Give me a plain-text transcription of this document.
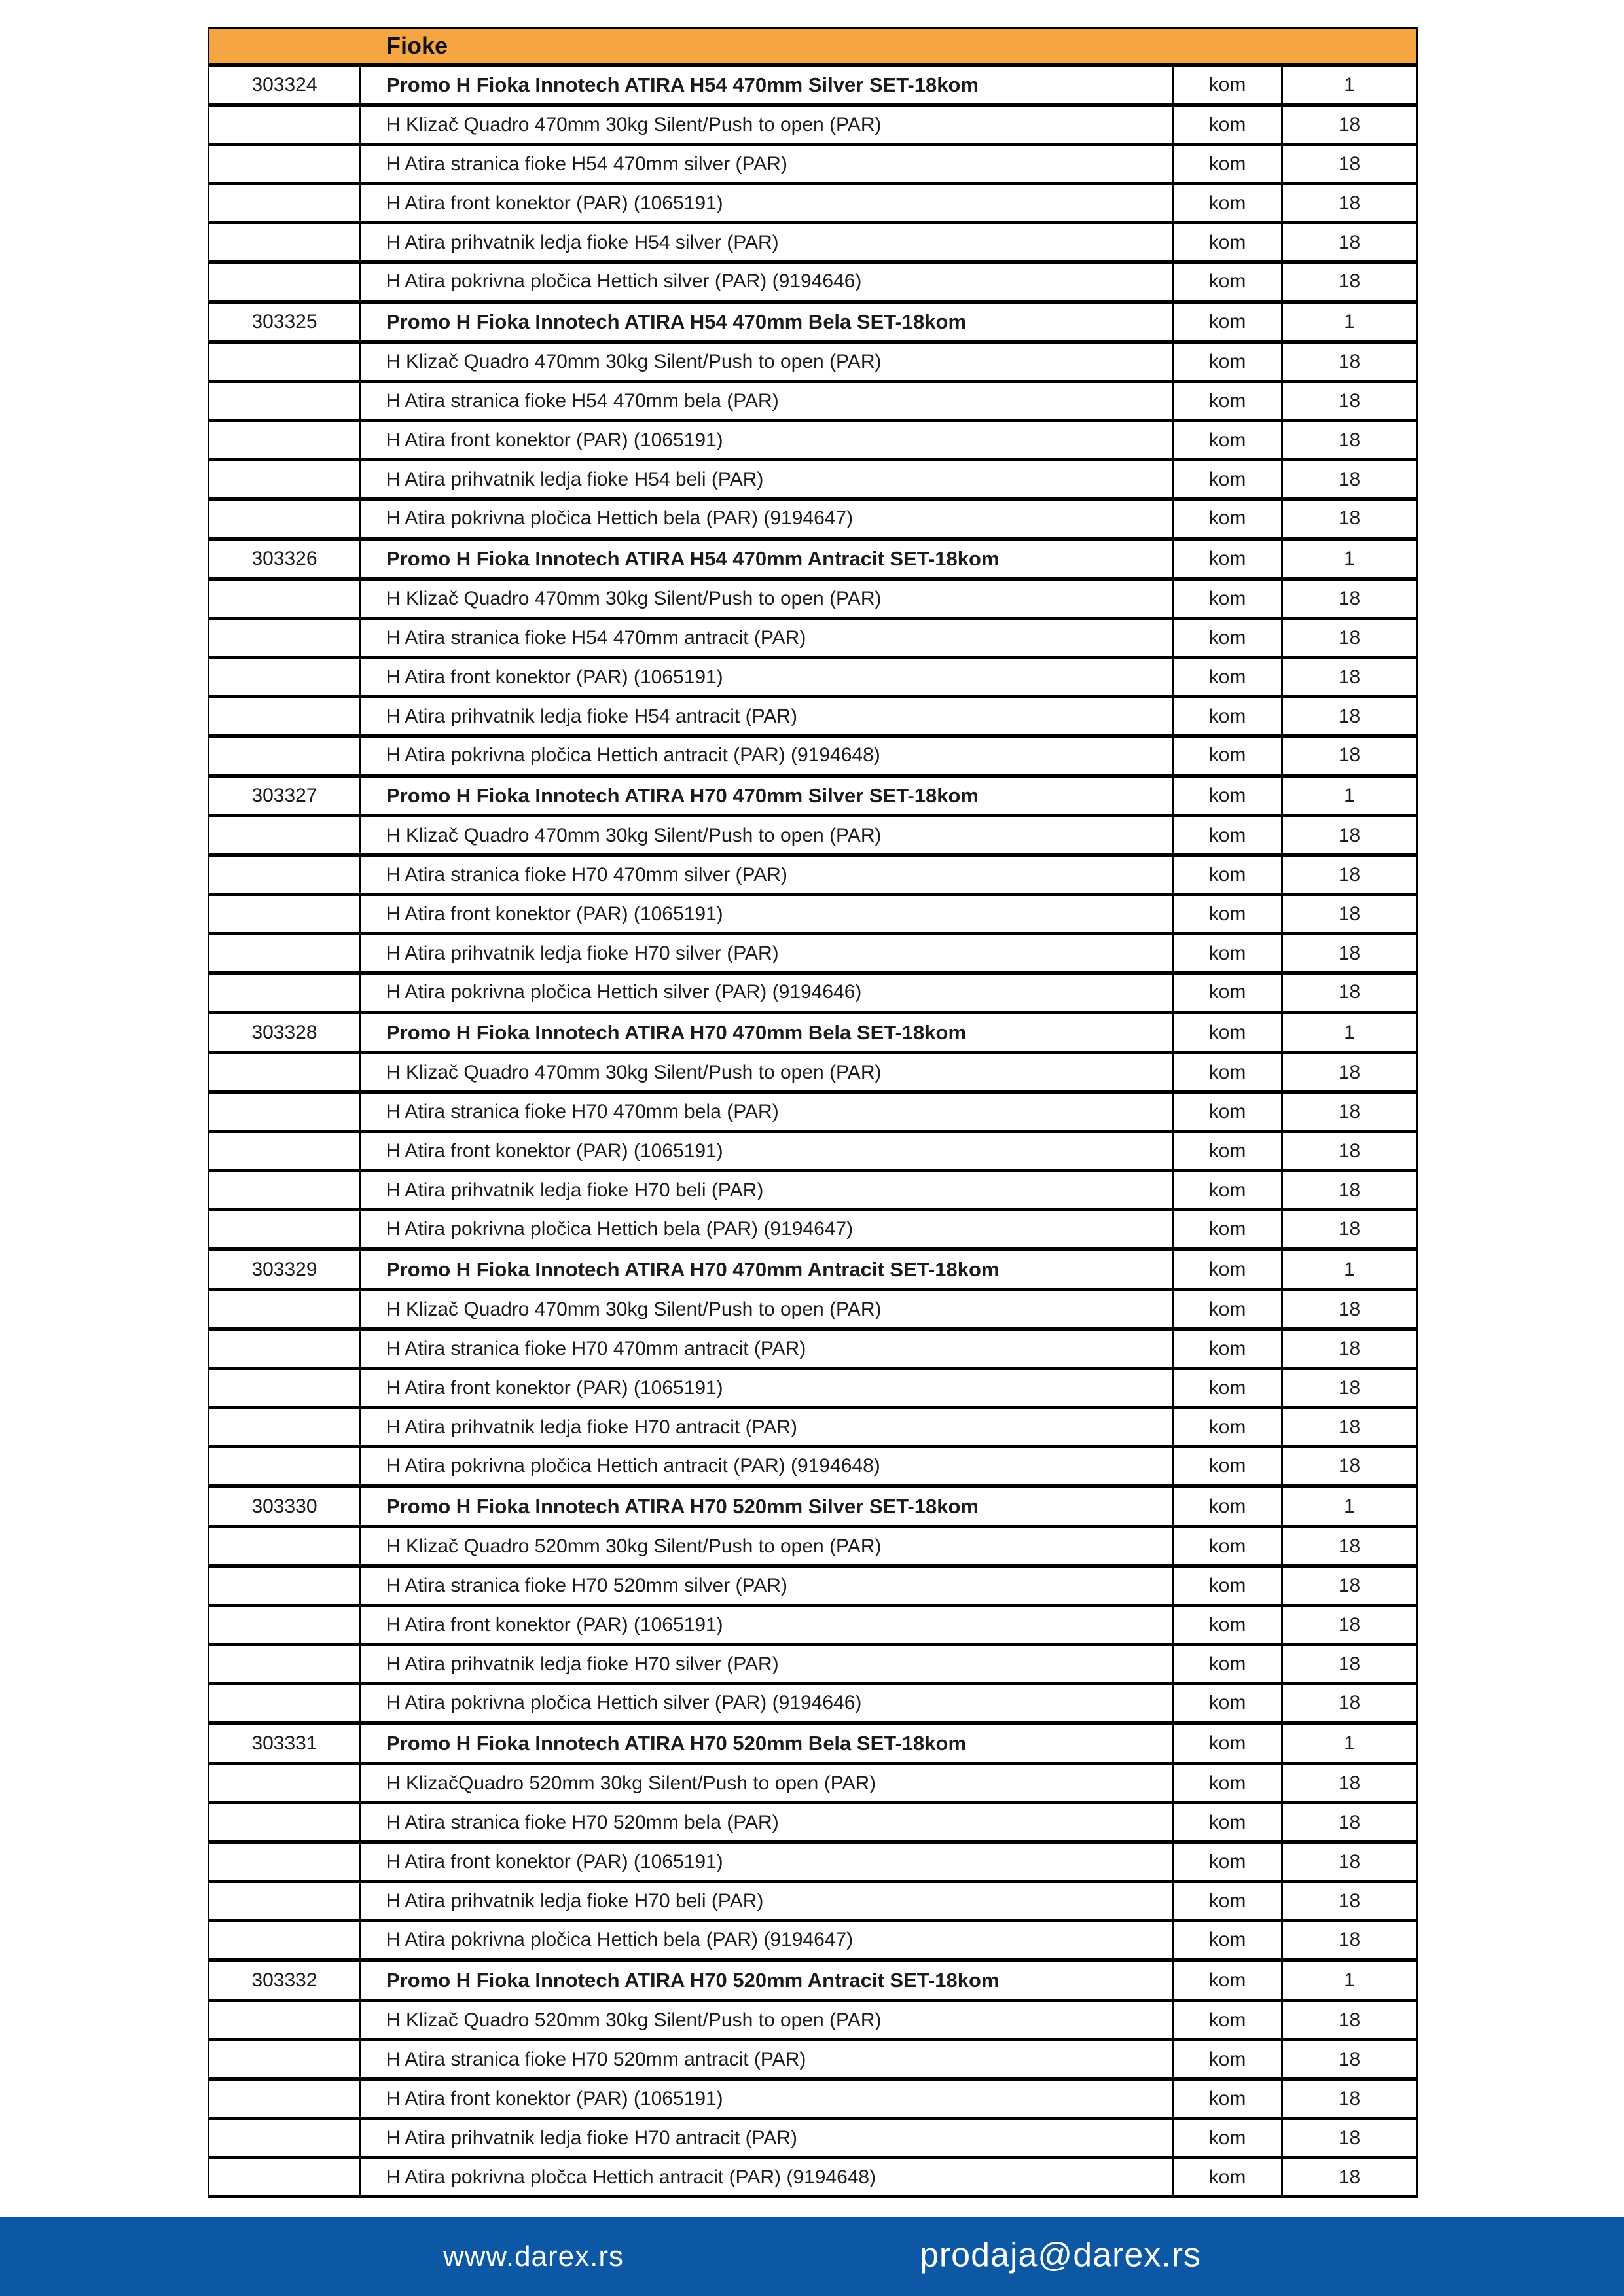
Fioke			
303324	Promo H Fioka Innotech ATIRA H54 470mm Silver SET-18kom	kom	1
	H Klizač Quadro 470mm 30kg Silent/Push to open (PAR)	kom	18
	H Atira stranica fioke H54 470mm silver (PAR)	kom	18
	H Atira front konektor (PAR) (1065191)	kom	18
	H Atira prihvatnik ledja fioke H54 silver (PAR)	kom	18
	H Atira pokrivna pločica Hettich silver (PAR) (9194646)	kom	18
303325	Promo H Fioka Innotech ATIRA H54 470mm Bela SET-18kom	kom	1
	H Klizač Quadro 470mm 30kg Silent/Push to open (PAR)	kom	18
	H Atira stranica fioke H54 470mm bela (PAR)	kom	18
	H Atira front konektor (PAR) (1065191)	kom	18
	H Atira prihvatnik ledja fioke H54 beli (PAR)	kom	18
	H Atira pokrivna pločica Hettich bela (PAR) (9194647)	kom	18
303326	Promo H Fioka Innotech ATIRA H54 470mm Antracit SET-18kom	kom	1
	H Klizač Quadro 470mm 30kg Silent/Push to open (PAR)	kom	18
	H Atira stranica fioke H54 470mm antracit (PAR)	kom	18
	H Atira front konektor (PAR) (1065191)	kom	18
	H Atira prihvatnik ledja fioke H54 antracit (PAR)	kom	18
	H Atira pokrivna pločica Hettich antracit (PAR) (9194648)	kom	18
303327	Promo H Fioka Innotech ATIRA H70 470mm Silver SET-18kom	kom	1
	H Klizač Quadro 470mm 30kg Silent/Push to open (PAR)	kom	18
	H Atira stranica fioke H70 470mm silver (PAR)	kom	18
	H Atira front konektor (PAR) (1065191)	kom	18
	H Atira prihvatnik ledja fioke H70 silver (PAR)	kom	18
	H Atira pokrivna pločica Hettich silver (PAR) (9194646)	kom	18
303328	Promo H Fioka Innotech ATIRA H70 470mm Bela SET-18kom	kom	1
	H Klizač Quadro 470mm 30kg Silent/Push to open (PAR)	kom	18
	H Atira stranica fioke H70 470mm bela (PAR)	kom	18
	H Atira front konektor (PAR) (1065191)	kom	18
	H Atira prihvatnik ledja fioke H70 beli (PAR)	kom	18
	H Atira pokrivna pločica Hettich bela (PAR) (9194647)	kom	18
303329	Promo H Fioka Innotech ATIRA H70 470mm Antracit SET-18kom	kom	1
	H Klizač Quadro 470mm 30kg Silent/Push to open (PAR)	kom	18
	H Atira stranica fioke H70 470mm antracit (PAR)	kom	18
	H Atira front konektor (PAR) (1065191)	kom	18
	H Atira prihvatnik ledja fioke H70 antracit (PAR)	kom	18
	H Atira pokrivna pločica Hettich antracit (PAR) (9194648)	kom	18
303330	Promo H Fioka Innotech ATIRA H70 520mm Silver SET-18kom	kom	1
	H Klizač Quadro 520mm 30kg Silent/Push to open (PAR)	kom	18
	H Atira stranica fioke H70 520mm silver (PAR)	kom	18
	H Atira front konektor (PAR) (1065191)	kom	18
	H Atira prihvatnik ledja fioke H70 silver (PAR)	kom	18
	H Atira pokrivna pločica Hettich silver (PAR) (9194646)	kom	18
303331	Promo H Fioka Innotech ATIRA H70 520mm Bela SET-18kom	kom	1
	H KlizačQuadro 520mm 30kg Silent/Push to open (PAR)	kom	18
	H Atira stranica fioke H70 520mm bela (PAR)	kom	18
	H Atira front konektor (PAR) (1065191)	kom	18
	H Atira prihvatnik ledja fioke H70 beli (PAR)	kom	18
	H Atira pokrivna pločica Hettich bela (PAR) (9194647)	kom	18
303332	Promo H Fioka Innotech ATIRA H70 520mm Antracit SET-18kom	kom	1
	H Klizač Quadro 520mm 30kg Silent/Push to open (PAR)	kom	18
	H Atira stranica fioke H70 520mm antracit (PAR)	kom	18
	H Atira front konektor (PAR) (1065191)	kom	18
	H Atira prihvatnik ledja fioke H70 antracit (PAR)	kom	18
	H Atira pokrivna pločca Hettich antracit (PAR) (9194648)	kom	18
www.darex.rs	prodaja@darex.rs
